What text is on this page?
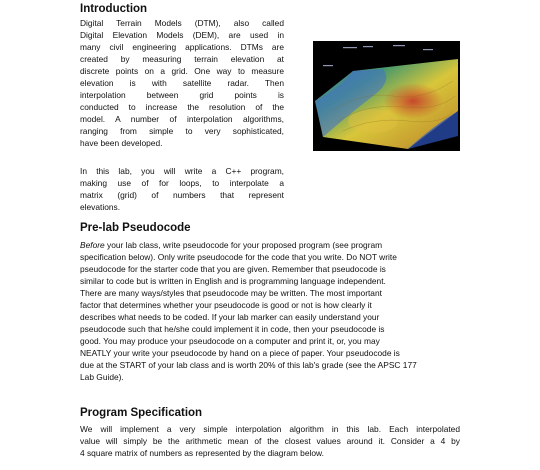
Introduction
Digital Terrain Models (DTM), also called
Digital Elevation Models (DEM), are used in
many civil engineering applications. DTMs are
created by measuring terrain elevation at
discrete points on a grid. One way to measure
elevation is with satellite radar. Then
interpolation between grid points is
conducted to increase the resolution of the
model. A number of interpolation algorithms,
ranging from simple to very sophisticated,
have been developed.
In this lab, you will write a C++ program,
making use of for loops, to interpolate a
matrix (grid) of numbers that represent
elevations.
Pre-lab Pseudocode
Before your lab class, write pseudocode for your proposed program (see program
specification below). Only write pseudocode for the code that you write. Do NOT write
pseudocode for the starter code that you are given. Remember that pseudocode is
similar to code but is written in English and is programming language independent.
There are many ways/styles that pseudocode may be written. The most important
factor that determines whether your pseudocode is good or not is how clearly it
describes what needs to be coded. If your lab marker can easily understand your
pseudocode such that he/she could implement it in code, then your pseudocode is
good. You may produce your pseudocode on a computer and print it, or, you may
NEATLY your write your pseudocode by hand on a piece of paper. Your pseudocode is
due at the START of your lab class and is worth 20% of this lab's grade (see the APSC 177
Lab Guide).
Program Specification
We will implement a very simple interpolation algorithm in this lab. Each interpolated
value will simply be the arithmetic mean of the closest values around it. Consider a 4 by
4 square matrix of numbers as represented by the diagram below.
